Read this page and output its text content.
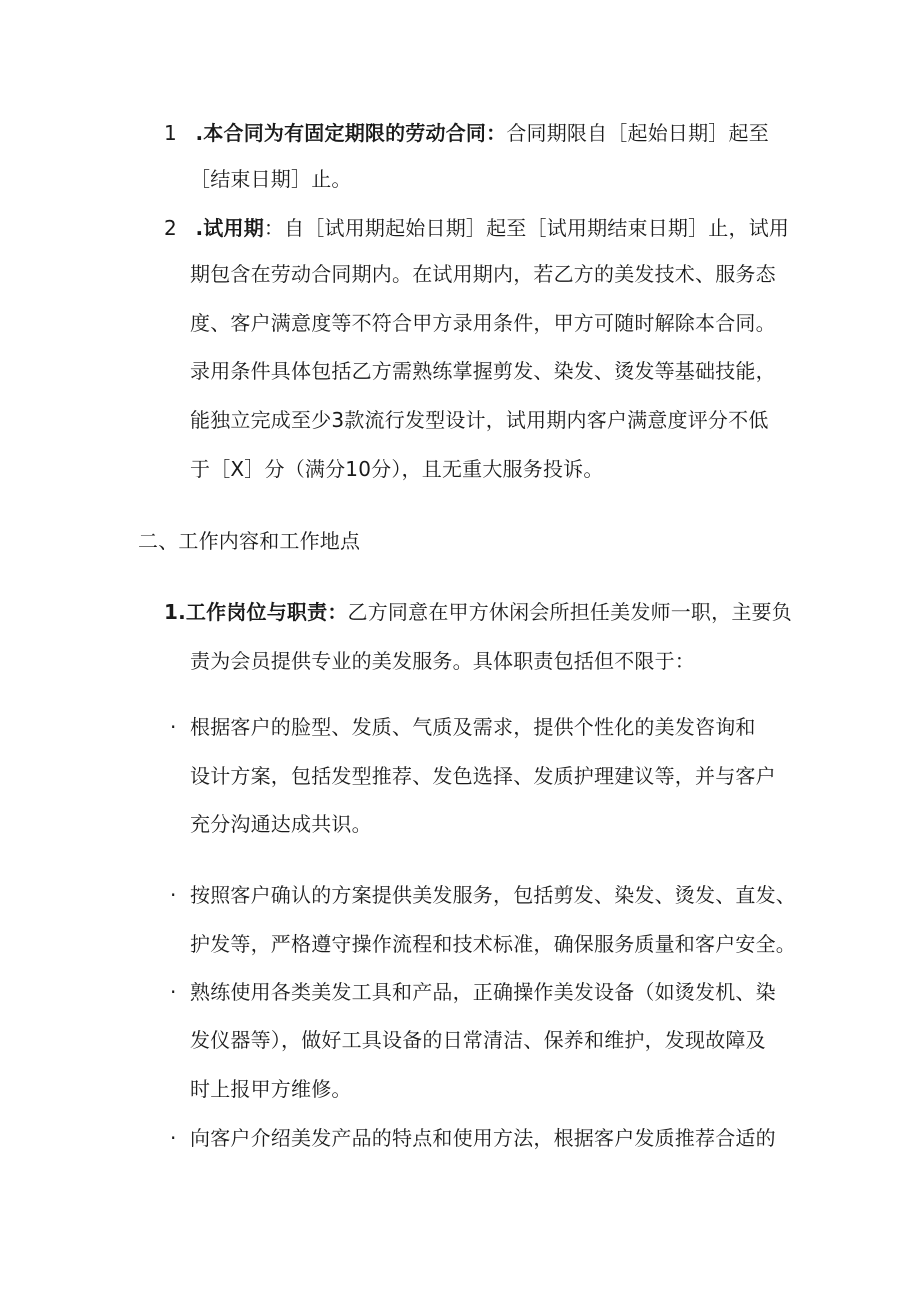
1 .本合同为有固定期限的劳动合同：合同期限自［起始日期］起至
［结束日期］止。
2 .试用期：自［试用期起始日期］起至［试用期结束日期］止，试用
期包含在劳动合同期内。在试用期内，若乙方的美发技术、服务态
度、客户满意度等不符合甲方录用条件，甲方可随时解除本合同。
录用条件具体包括乙方需熟练掌握剪发、染发、烫发等基础技能，
能独立完成至少3款流行发型设计，试用期内客户满意度评分不低
于［X］分（满分10分），且无重大服务投诉。
二、工作内容和工作地点
1.工作岗位与职责：乙方同意在甲方休闲会所担任美发师一职，主要负
责为会员提供专业的美发服务。具体职责包括但不限于：
· 根据客户的脸型、发质、气质及需求，提供个性化的美发咨询和
设计方案，包括发型推荐、发色选择、发质护理建议等，并与客户
充分沟通达成共识。
· 按照客户确认的方案提供美发服务，包括剪发、染发、烫发、直发、
护发等，严格遵守操作流程和技术标准，确保服务质量和客户安全。
· 熟练使用各类美发工具和产品，正确操作美发设备（如烫发机、染
发仪器等），做好工具设备的日常清洁、保养和维护，发现故障及
时上报甲方维修。
· 向客户介绍美发产品的特点和使用方法，根据客户发质推荐合适的
